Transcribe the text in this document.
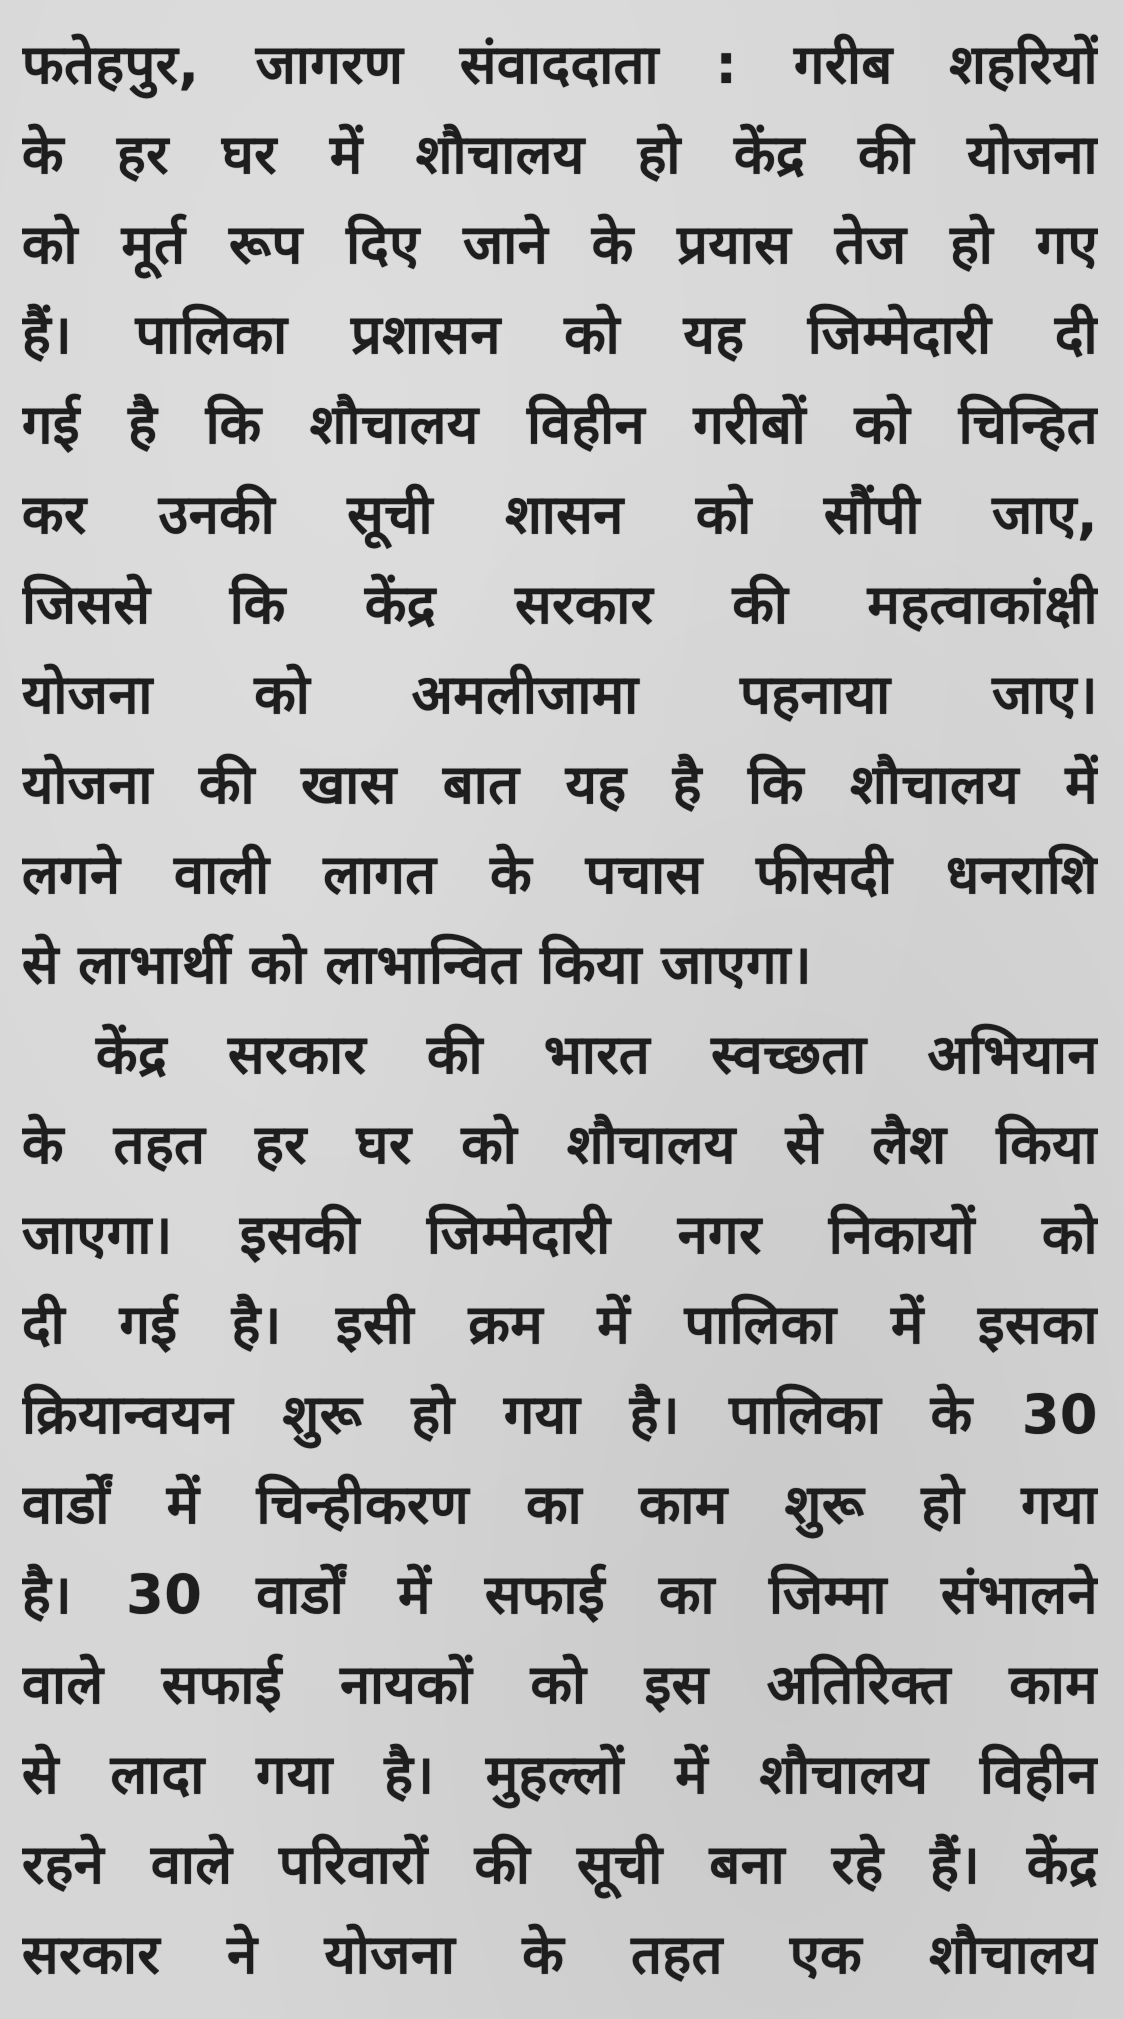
फतेहपुर, जागरण संवाददाता : गरीब शहरियों
के हर घर में शौचालय हो केंद्र की योजना
को मूर्त रूप दिए जाने के प्रयास तेज हो गए
हैं। पालिका प्रशासन को यह जिम्मेदारी दी
गई है कि शौचालय विहीन गरीबों को चिन्हित
कर उनकी सूची शासन को सौंपी जाए,
जिससे कि केंद्र सरकार की महत्वाकांक्षी
योजना को अमलीजामा पहनाया जाए।
योजना की खास बात यह है कि शौचालय में
लगने वाली लागत के पचास फीसदी धनराशि
से लाभार्थी को लाभान्वित किया जाएगा।
केंद्र सरकार की भारत स्वच्छता अभियान
के तहत हर घर को शौचालय से लैश किया
जाएगा। इसकी जिम्मेदारी नगर निकायों को
दी गई है। इसी क्रम में पालिका में इसका
क्रियान्वयन शुरू हो गया है। पालिका के 30
वार्डों में चिन्हीकरण का काम शुरू हो गया
है। 30 वार्डों में सफाई का जिम्मा संभालने
वाले सफाई नायकों को इस अतिरिक्त काम
से लादा गया है। मुहल्लों में शौचालय विहीन
रहने वाले परिवारों की सूची बना रहे हैं। केंद्र
सरकार ने योजना के तहत एक शौचालय
